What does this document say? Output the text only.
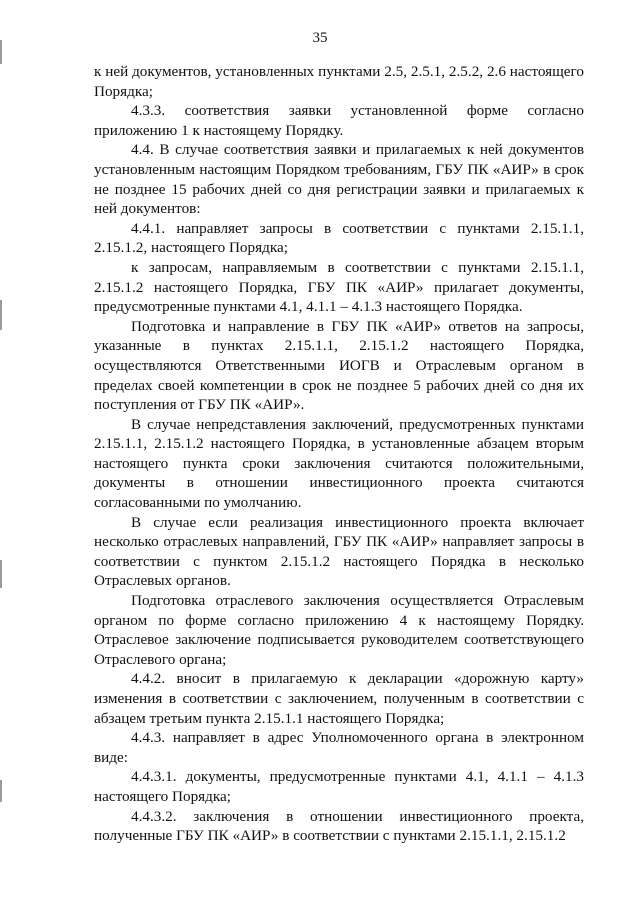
35

к ней документов, установленных пунктами 2.5, 2.5.1, 2.5.2, 2.6 настоящего Порядка;

4.3.3. соответствия заявки установленной форме согласно приложению 1 к настоящему Порядку.

4.4. В случае соответствия заявки и прилагаемых к ней документов установленным настоящим Порядком требованиям, ГБУ ПК «АИР» в срок не позднее 15 рабочих дней со дня регистрации заявки и прилагаемых к ней документов:

4.4.1. направляет запросы в соответствии с пунктами 2.15.1.1, 2.15.1.2, настоящего Порядка;

к запросам, направляемым в соответствии с пунктами 2.15.1.1, 2.15.1.2 настоящего Порядка, ГБУ ПК «АИР» прилагает документы, предусмотренные пунктами 4.1, 4.1.1 – 4.1.3 настоящего Порядка.

Подготовка и направление в ГБУ ПК «АИР» ответов на запросы, указанные в пунктах 2.15.1.1, 2.15.1.2 настоящего Порядка, осуществляются Ответственными ИОГВ и Отраслевым органом в пределах своей компетенции в срок не позднее 5 рабочих дней со дня их поступления от ГБУ ПК «АИР».

В случае непредставления заключений, предусмотренных пунктами 2.15.1.1, 2.15.1.2 настоящего Порядка, в установленные абзацем вторым настоящего пункта сроки заключения считаются положительными, документы в отношении инвестиционного проекта считаются согласованными по умолчанию.

В случае если реализация инвестиционного проекта включает несколько отраслевых направлений, ГБУ ПК «АИР» направляет запросы в соответствии с пунктом 2.15.1.2 настоящего Порядка в несколько Отраслевых органов.

Подготовка отраслевого заключения осуществляется Отраслевым органом по форме согласно приложению 4 к настоящему Порядку. Отраслевое заключение подписывается руководителем соответствующего Отраслевого органа;

4.4.2. вносит в прилагаемую к декларации «дорожную карту» изменения в соответствии с заключением, полученным в соответствии с абзацем третьим пункта 2.15.1.1 настоящего Порядка;

4.4.3. направляет в адрес Уполномоченного органа в электронном виде:

4.4.3.1. документы, предусмотренные пунктами 4.1, 4.1.1 – 4.1.3 настоящего Порядка;

4.4.3.2. заключения в отношении инвестиционного проекта, полученные ГБУ ПК «АИР» в соответствии с пунктами 2.15.1.1, 2.15.1.2
